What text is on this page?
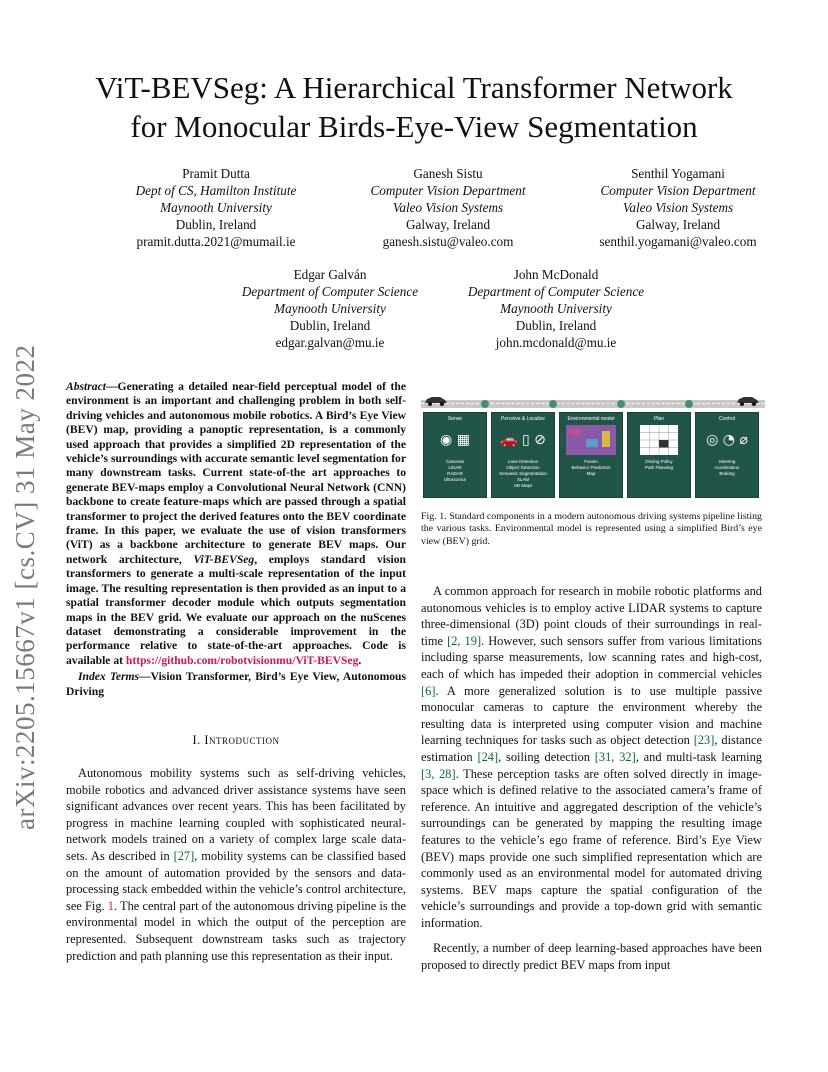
arXiv:2205.15667v1 [cs.CV] 31 May 2022
ViT-BEVSeg: A Hierarchical Transformer Network
for Monocular Birds-Eye-View Segmentation
Pramit Dutta
Dept of CS, Hamilton Institute
Maynooth University
Dublin, Ireland
pramit.dutta.2021@mumail.ie
Ganesh Sistu
Computer Vision Department
Valeo Vision Systems
Galway, Ireland
ganesh.sistu@valeo.com
Senthil Yogamani
Computer Vision Department
Valeo Vision Systems
Galway, Ireland
senthil.yogamani@valeo.com
Edgar Galván
Department of Computer Science
Maynooth University
Dublin, Ireland
edgar.galvan@mu.ie
John McDonald
Department of Computer Science
Maynooth University
Dublin, Ireland
john.mcdonald@mu.ie
Abstract—Generating a detailed near-field perceptual model of the environment is an important and challenging problem in both self-driving vehicles and autonomous mobile robotics. A Bird’s Eye View (BEV) map, providing a panoptic representation, is a commonly used approach that provides a simplified 2D representation of the vehicle’s surroundings with accurate semantic level segmentation for many downstream tasks. Current state-of-the art approaches to generate BEV-maps employ a Convolutional Neural Network (CNN) backbone to create feature-maps which are passed through a spatial transformer to project the derived features onto the BEV coordinate frame. In this paper, we evaluate the use of vision transformers (ViT) as a backbone architecture to generate BEV maps. Our network architecture, ViT-BEVSeg, employs standard vision transformers to generate a multi-scale representation of the input image. The resulting representation is then provided as an input to a spatial transformer decoder module which outputs segmentation maps in the BEV grid. We evaluate our approach on the nuScenes dataset demonstrating a considerable improvement in the performance relative to state-of-the-art approaches. Code is available at https://github.com/robotvisionmu/ViT-BEVSeg.
Index Terms—Vision Transformer, Bird’s Eye View, Autonomous Driving
I. Introduction
Autonomous mobility systems such as self-driving vehicles, mobile robotics and advanced driver assistance systems have seen significant advances over recent years. This has been facilitated by progress in machine learning coupled with sophisticated neural-network models trained on a variety of complex large scale data-sets. As described in [27], mobility systems can be classified based on the amount of automation provided by the sensors and data-processing stack embedded within the vehicle’s control architecture, see Fig. 1. The central part of the autonomous driving pipeline is the environmental model in which the output of the perception are represented. Subsequent downstream tasks such as trajectory prediction and path planning use this representation as their input.
Sense
◉ ▦
Cameras
LIDAR
RADAR
Ultrasonics
Perceive & Localize
🚗 ▯ ⊘
Lane Detection
Object Detection
Semantic Segmentation
SLAM
HD Maps
Environmental model
Fusion
Behavior Prediction
Map
Plan
Driving Policy
Path Planning
Control
◎ ◔ ⌀
Steering
Acceleration
Braking
Fig. 1. Standard components in a modern autonomous driving systems pipeline listing the various tasks. Environmental model is represented using a simplified Bird’s eye view (BEV) grid.
A common approach for research in mobile robotic platforms and autonomous vehicles is to employ active LIDAR systems to capture three-dimensional (3D) point clouds of their surroundings in real-time [2, 19]. However, such sensors suffer from various limitations including sparse measurements, low scanning rates and high-cost, each of which has impeded their adoption in commercial vehicles [6]. A more generalized solution is to use multiple passive monocular cameras to capture the environment whereby the resulting data is interpreted using computer vision and machine learning techniques for tasks such as object detection [23], distance estimation [24], soiling detection [31, 32], and multi-task learning [3, 28]. These perception tasks are often solved directly in image-space which is defined relative to the associated camera’s frame of reference. An intuitive and aggregated description of the vehicle’s surroundings can be generated by mapping the resulting image features to the vehicle’s ego frame of reference. Bird’s Eye View (BEV) maps provide one such simplified representation which are commonly used as an environmental model for automated driving systems. BEV maps capture the spatial configuration of the vehicle’s surroundings and provide a top-down grid with semantic information.
Recently, a number of deep learning-based approaches have been proposed to directly predict BEV maps from input
